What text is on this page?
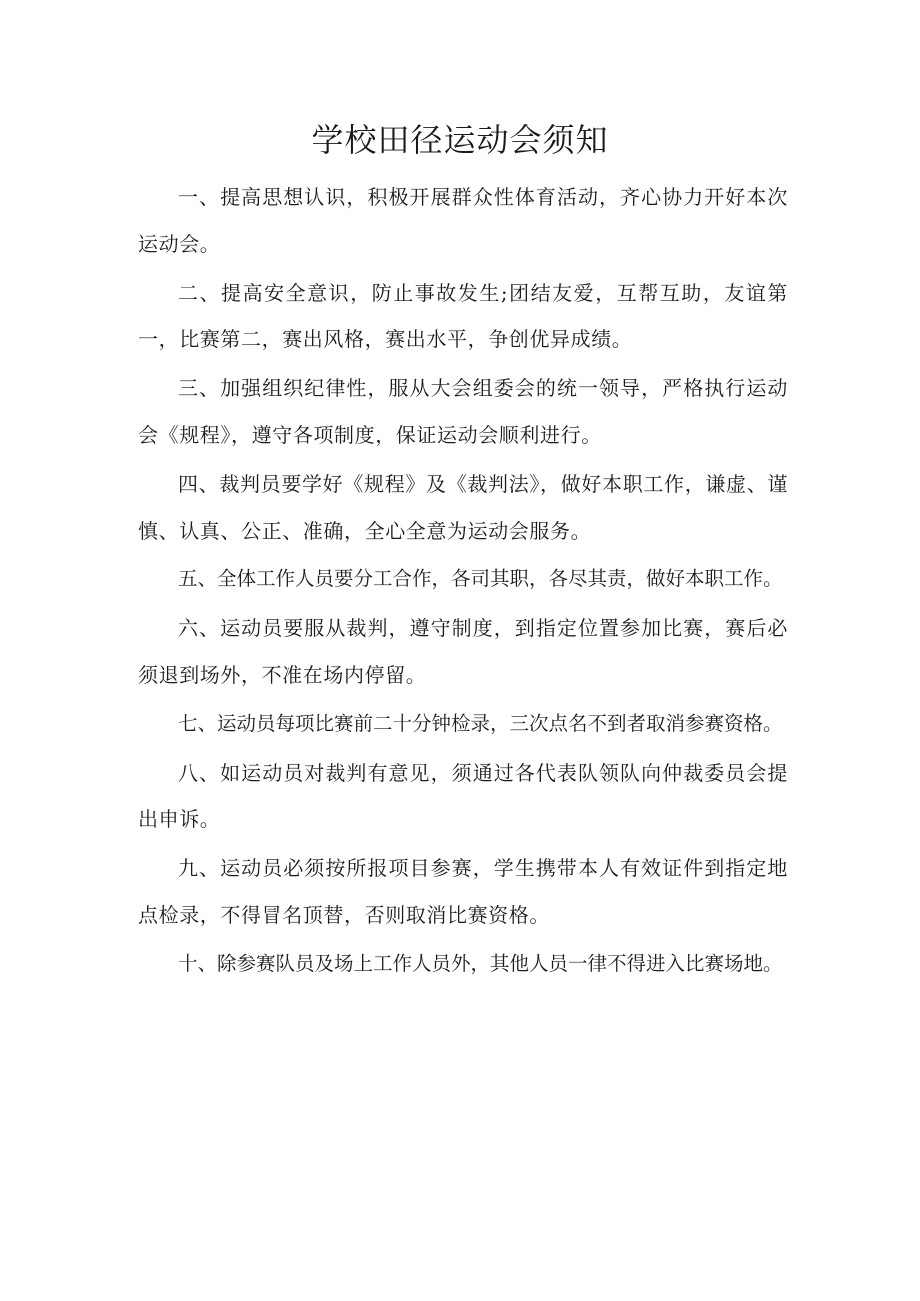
学校田径运动会须知

一、提高思想认识，积极开展群众性体育活动，齐心协力开好本次运动会。

二、提高安全意识，防止事故发生;团结友爱，互帮互助，友谊第一，比赛第二，赛出风格，赛出水平，争创优异成绩。

三、加强组织纪律性，服从大会组委会的统一领导，严格执行运动会《规程》，遵守各项制度，保证运动会顺利进行。

四、裁判员要学好《规程》及《裁判法》，做好本职工作，谦虚、谨慎、认真、公正、准确，全心全意为运动会服务。

五、全体工作人员要分工合作，各司其职，各尽其责，做好本职工作。

六、运动员要服从裁判，遵守制度，到指定位置参加比赛，赛后必须退到场外，不准在场内停留。

七、运动员每项比赛前二十分钟检录，三次点名不到者取消参赛资格。

八、如运动员对裁判有意见，须通过各代表队领队向仲裁委员会提出申诉。

九、运动员必须按所报项目参赛，学生携带本人有效证件到指定地点检录，不得冒名顶替，否则取消比赛资格。

十、除参赛队员及场上工作人员外，其他人员一律不得进入比赛场地。
